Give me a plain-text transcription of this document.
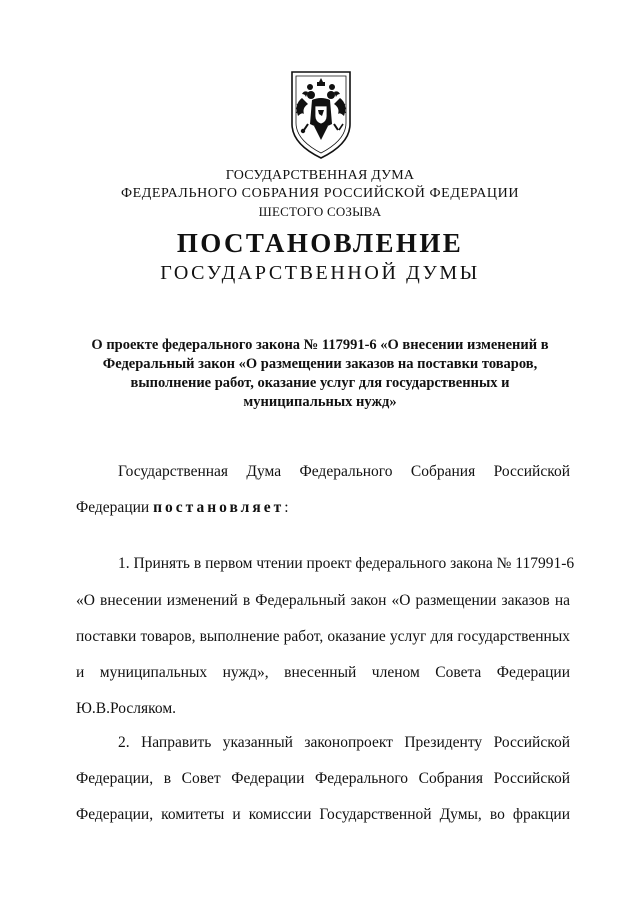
ГОСУДАРСТВЕННАЯ ДУМА
ФЕДЕРАЛЬНОГО СОБРАНИЯ РОССИЙСКОЙ ФЕДЕРАЦИИ
ШЕСТОГО СОЗЫВА
ПОСТАНОВЛЕНИЕ
ГОСУДАРСТВЕННОЙ ДУМЫ
О проекте федерального закона № 117991-6 «О внесении изменений в
Федеральный закон «О размещении заказов на поставки товаров,
выполнение работ, оказание услуг для государственных и
муниципальных нужд»
Государственная Дума Федерального Собрания Российской
Федерации постановляет:
1. Принять в первом чтении проект федерального закона № 117991-6
«О внесении изменений в Федеральный закон «О размещении заказов на
поставки товаров, выполнение работ, оказание услуг для государственных
и муниципальных нужд», внесенный членом Совета Федерации
Ю.В.Росляком.
2. Направить указанный законопроект Президенту Российской
Федерации, в Совет Федерации Федерального Собрания Российской
Федерации, комитеты и комиссии Государственной Думы, во фракции
